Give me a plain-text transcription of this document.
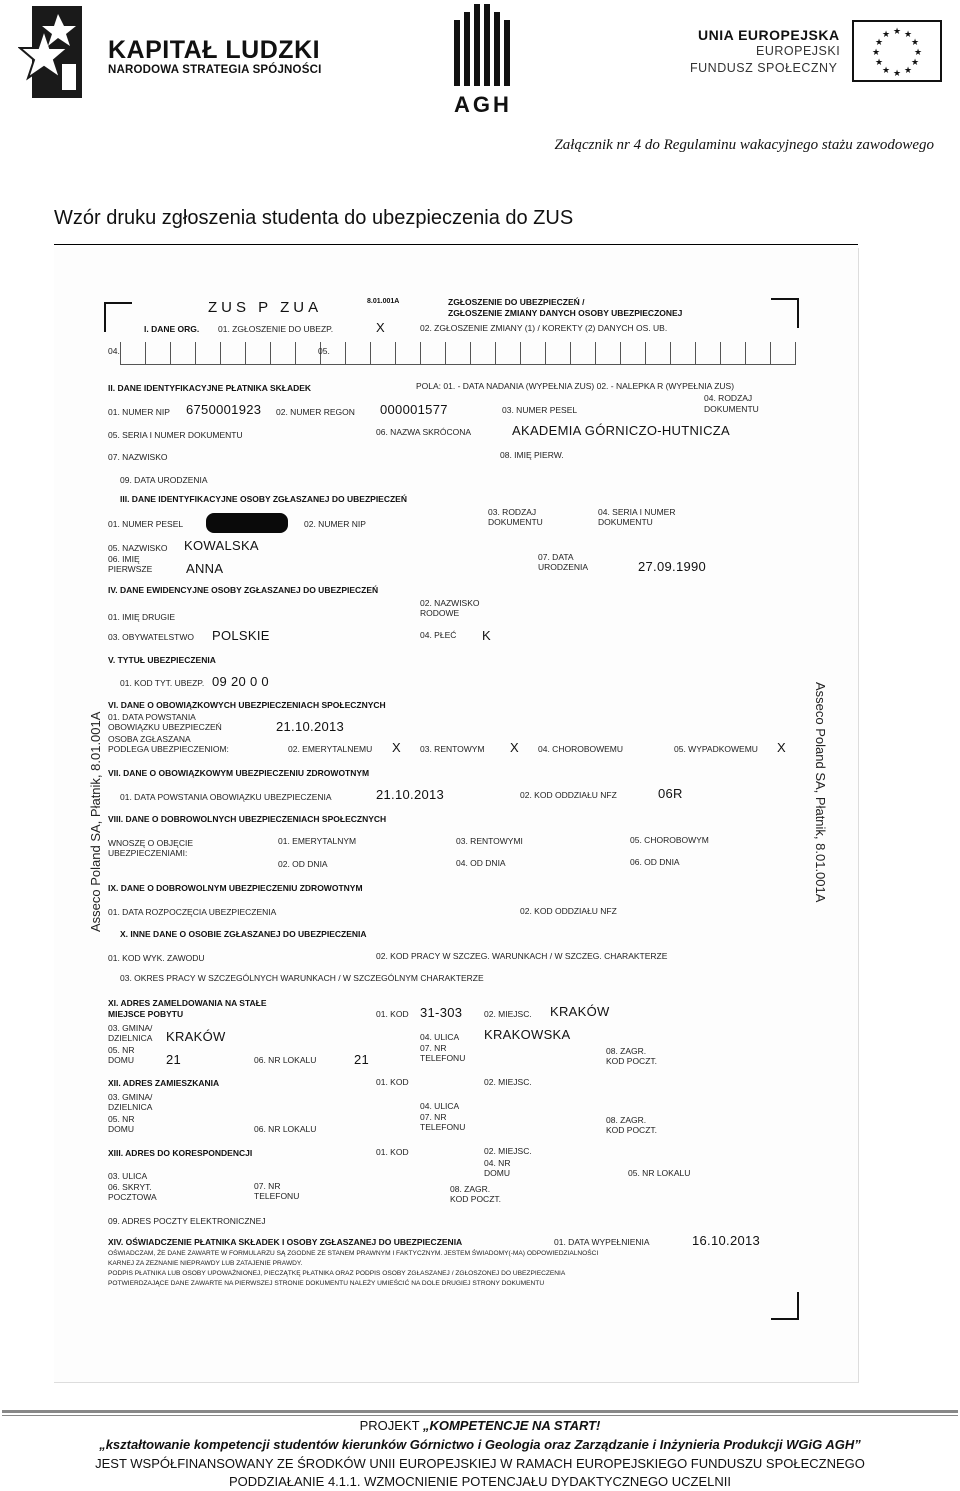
KAPITAŁ LUDZKI
NARODOWA STRATEGIA SPÓJNOŚCI
AGH
UNIA EUROPEJSKA
EUROPEJSKI
FUNDUSZ SPOŁECZNY
★ ★
★
★
★
★
★
★
★
★
★
★
Załącznik nr 4 do Regulaminu wakacyjnego stażu zawodowego
Wzór druku zgłoszenia studenta do ubezpieczenia do ZUS
ZUS P ZUA	8.01.001A	ZGŁOSZENIE DO UBEZPIECZEŃ /
ZGŁOSZENIE ZMIANY DANYCH OSOBY UBEZPIECZONEJ
I. DANE ORG. 01. ZGŁOSZENIE DO UBEZP.	X	02. ZGŁOSZENIE ZMIANY (1) / KOREKTY (2) DANYCH OS. UB.
04.	05.
II. DANE IDENTYFIKACYJNE PŁATNIKA SKŁADEK	POLA: 01. - DATA NADANIA (WYPEŁNIA ZUS) 02. - NALEPKA R (WYPEŁNIA ZUS)
04. RODZAJ
DOKUMENTU
01. NUMER NIP 6750001923 02. NUMER REGON 000001577	03. NUMER PESEL
05. SERIA I NUMER DOKUMENTU	06. NAZWA SKRÓCONA	AKADEMIA GÓRNICZO-HUTNICZA
07. NAZWISKO	08. IMIĘ PIERW.
09. DATA URODZENIA
III. DANE IDENTYFIKACYJNE OSOBY ZGŁASZANEJ DO UBEZPIECZEŃ
01. NUMER PESEL	02. NUMER NIP
03. RODZAJ
DOKUMENTU
04. SERIA I NUMER
DOKUMENTU
05. NAZWISKO KOWALSKA
06. IMIĘ
PIERWSZE	ANNA
07. DATA
URODZENIA	27.09.1990
IV. DANE EWIDENCYJNE OSOBY ZGŁASZANEJ DO UBEZPIECZEŃ
02. NAZWISKO
RODOWE
01. IMIĘ DRUGIE
03. OBYWATELSTWO POLSKIE	04. PŁEĆ K
V. TYTUŁ UBEZPIECZENIA
01. KOD TYT. UBEZP. 09 20 0 0
VI. DANE O OBOWIĄZKOWYCH UBEZPIECZENIACH SPOŁECZNYCH
01. DATA POWSTANIA
OBOWIĄZKU UBEZPIECZEŃ	21.10.2013
OSOBA ZGŁASZANA
PODLEGA UBEZPIECZENIOM:	02. EMERYTALNEMU X 03. RENTOWYM X 04. CHOROBOWEMU	05. WYPADKOWEMU X
VII. DANE O OBOWIĄZKOWYM UBEZPIECZENIU ZDROWOTNYM
01. DATA POWSTANIA OBOWIĄZKU UBEZPIECZENIA	21.10.2013	02. KOD ODDZIAŁU NFZ	06R
VIII. DANE O DOBROWOLNYCH UBEZPIECZENIACH SPOŁECZNYCH
WNOSZĘ O OBJĘCIE
UBEZPIECZENIAMI:
01. EMERYTALNYM	03. RENTOWYMI	05. CHOROBOWYM
02. OD DNIA	04. OD DNIA	06. OD DNIA
IX. DANE O DOBROWOLNYM UBEZPIECZENIU ZDROWOTNYM
01. DATA ROZPOCZĘCIA UBEZPIECZENIA	02. KOD ODDZIAŁU NFZ
X. INNE DANE O OSOBIE ZGŁASZANEJ DO UBEZPIECZENIA
01. KOD WYK. ZAWODU	02. KOD PRACY W SZCZEG. WARUNKACH / W SZCZEG. CHARAKTERZE
03. OKRES PRACY W SZCZEGÓLNYCH WARUNKACH / W SZCZEGÓLNYM CHARAKTERZE
XI. ADRES ZAMELDOWANIA NA STAŁE
MIEJSCE POBYTU	01. KOD 31-303	02. MIEJSC. KRAKÓW
03. GMINA/
DZIELNICA KRAKÓW	04. ULICA KRAKOWSKA
05. NR
DOMU 21	06. NR LOKALU	21
07. NR
TELEFONU
08. ZAGR.
KOD POCZT.
XII. ADRES ZAMIESZKANIA	01. KOD	02. MIEJSC.
03. GMINA/
DZIELNICA	04. ULICA
05. NR
DOMU	06. NR LOKALU
07. NR
TELEFONU
08. ZAGR.
KOD POCZT.
XIII. ADRES DO KORESPONDENCJI	01. KOD	02. MIEJSC.
04. NR
DOMU	05. NR LOKALU
03. ULICA
06. SKRYT.
POCZTOWA
07. NR
TELEFONU
08. ZAGR.
KOD POCZT.
09. ADRES POCZTY ELEKTRONICZNEJ
XIV. OŚWIADCZENIE PŁATNIKA SKŁADEK I OSOBY ZGŁASZANEJ DO UBEZPIECZENIA	01. DATA WYPEŁNIENIA	16.10.2013
OŚWIADCZAM, ŻE DANE ZAWARTE W FORMULARZU SĄ ZGODNE ZE STANEM PRAWNYM I FAKTYCZNYM. JESTEM ŚWIADOMY(-MA) ODPOWIEDZIALNOŚCI
KARNEJ ZA ZEZNANIE NIEPRAWDY LUB ZATAJENIE PRAWDY.
PODPIS PŁATNIKA LUB OSOBY UPOWAŻNIONEJ, PIECZĄTKĘ PŁATNIKA ORAZ PODPIS OSOBY ZGŁASZANEJ / ZGŁOSZONEJ DO UBEZPIECZENIA
POTWIERDZAJĄCE DANE ZAWARTE NA PIERWSZEJ STRONIE DOKUMENTU NALEŻY UMIEŚCIĆ NA DOLE DRUGIEJ STRONY DOKUMENTU
Asseco Poland SA, Płatnik, 8.01.001A	Asseco Poland SA, Płatnik, 8.01.001A
PROJEKT „KOMPETENCJE NA START!
„kształtowanie kompetencji studentów kierunków Górnictwo i Geologia oraz Zarządzanie i Inżynieria Produkcji WGiG AGH”
JEST WSPÓŁFINANSOWANY ZE ŚRODKÓW UNII EUROPEJSKIEJ W RAMACH EUROPEJSKIEGO FUNDUSZU SPOŁECZNEGO
PODDZIAŁANIE 4.1.1. WZMOCNIENIE POTENCJAŁU DYDAKTYCZNEGO UCZELNII
